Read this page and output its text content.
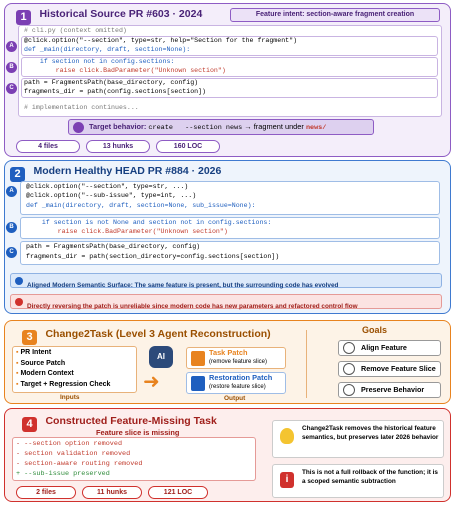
1 $^{Historical Source PR \#603 \cdot 2024}$	Feature intent: section-aware fragment creation
# cli.py (context omitted)
A
@click.option("--section", type=str, help="Section for the fragment")
def _main(directory, draft, section=None):
B
if section not in config.sections:
raise click.BadParameter("Unknown section")
C
path = FragmentsPath(base_directory, config)
fragments_dir = path(config.sections[section])
# implementation continues...
Target behavior: create   --section news → fragment under news/
4 files	13 hunks	160 LOC
2 $^{Modern Healthy HEAD PR \#884 \cdot 2026}$
A
@click.option("--section", type=str, ...)
@click.option("--sub-issue", type=int, ...)
def _main(directory, draft, section=None, sub_issue=None):
B
if section is not None and section not in config.sections:
raise click.BadParameter("Unknown section")
C
path = FragmentsPath(base_directory, config)
fragments_dir = path(section_directory=config.sections[section])
Aligned Modern Semantic Surface: The same feature is present, but the surrounding code has evolved
Directly reversing the patch is unreliable since modern code has new parameters and refactored control flow
3 $^{Change2Task (Level 3 Agent Reconstruction)}$
▪ PR Intent
▪ Source Patch
▪ Modern Context
▪ Target + Regression Check
Inputs
AI
➜
Task Patch
(remove feature slice)
Restoration Patch
(restore feature slice)
Output
Goals
Align Feature
Remove Feature Slice
Preserve Behavior
4 $^{Constructed Feature-Missing Task}$
Feature slice is missing
- --section option removed
- section validation removed
- section-aware routing removed
+ --sub-issue preserved
2 files	11 hunks	121 LOC
Change2Task removes the historical feature semantics, but preserves later 2026 behavior
i
This is not a full rollback of the function; it is a scoped semantic subtraction
